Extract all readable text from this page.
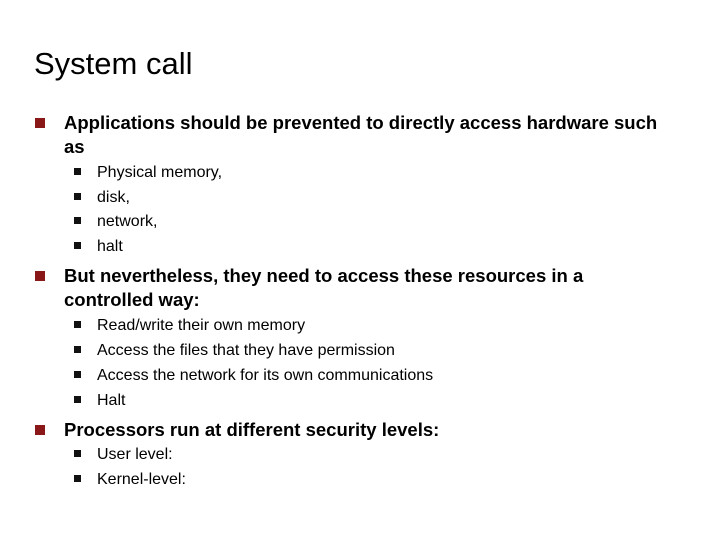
System call
Applications should be prevented to directly access hardware such as
Physical memory,
disk,
network,
halt
But nevertheless, they need to access these resources in a controlled way:
Read/write their own memory
Access the files that they have permission
Access the network for its own communications
Halt
Processors run at different security levels:
User level:
Kernel-level:
